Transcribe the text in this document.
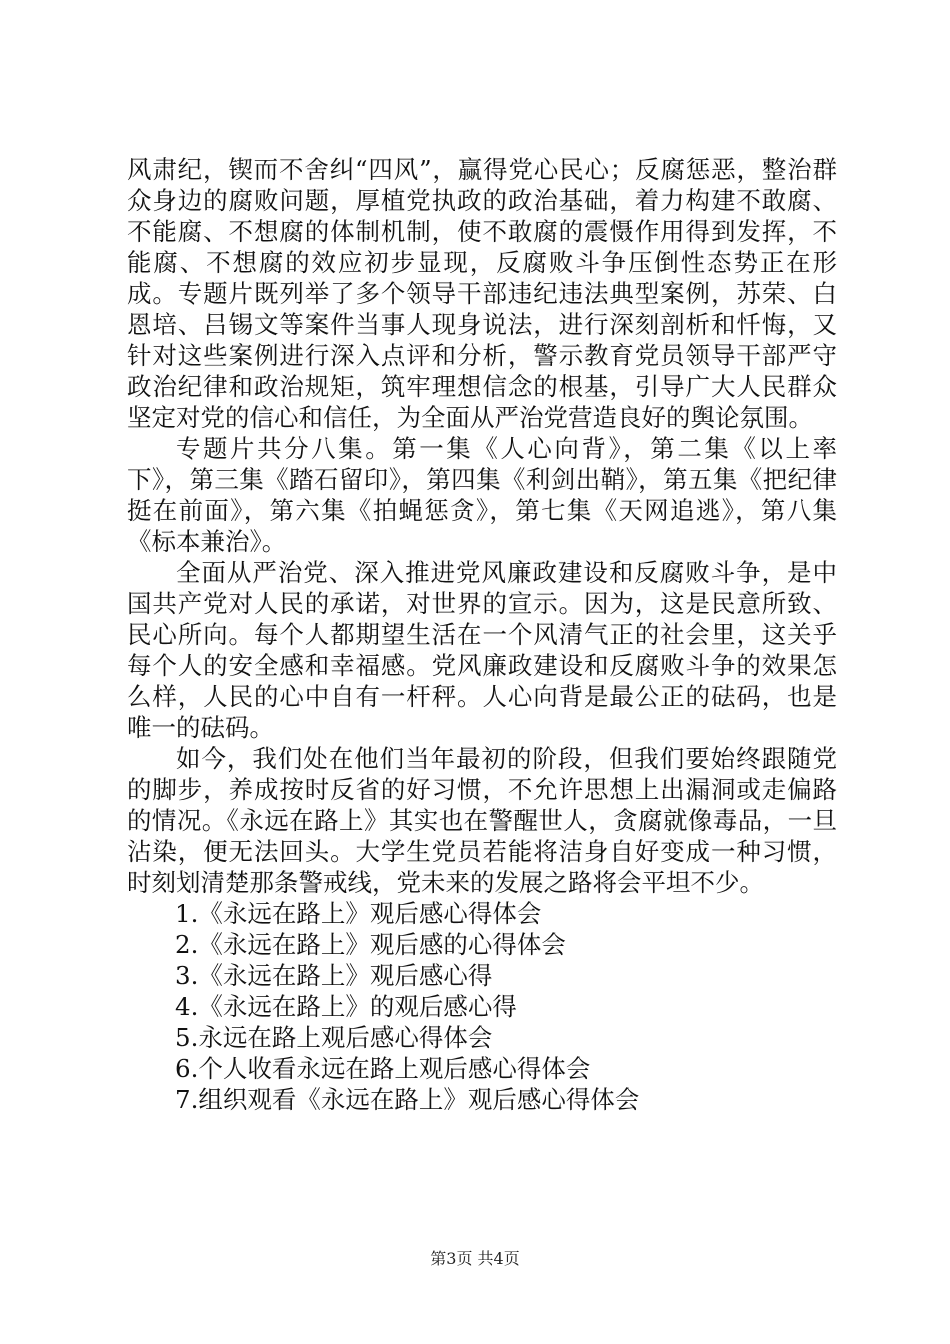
风肃纪，锲而不舍纠“四风”，赢得党心民心；反腐惩恶，整治群众身边的腐败问题，厚植党执政的政治基础，着力构建不敢腐、不能腐、不想腐的体制机制，使不敢腐的震慑作用得到发挥，不能腐、不想腐的效应初步显现，反腐败斗争压倒性态势正在形成。专题片既列举了多个领导干部违纪违法典型案例，苏荣、白恩培、吕锡文等案件当事人现身说法，进行深刻剖析和忏悔，又针对这些案例进行深入点评和分析，警示教育党员领导干部严守政治纪律和政治规矩，筑牢理想信念的根基，引导广大人民群众坚定对党的信心和信任，为全面从严治党营造良好的舆论氛围。

专题片共分八集。第一集《人心向背》，第二集《以上率下》，第三集《踏石留印》，第四集《利剑出鞘》，第五集《把纪律挺在前面》，第六集《拍蝇惩贪》，第七集《天网追逃》，第八集《标本兼治》。

全面从严治党、深入推进党风廉政建设和反腐败斗争，是中国共产党对人民的承诺，对世界的宣示。因为，这是民意所致、民心所向。每个人都期望生活在一个风清气正的社会里，这关乎每个人的安全感和幸福感。党风廉政建设和反腐败斗争的效果怎么样，人民的心中自有一杆秤。人心向背是最公正的砝码，也是唯一的砝码。

如今，我们处在他们当年最初的阶段，但我们要始终跟随党的脚步，养成按时反省的好习惯，不允许思想上出漏洞或走偏路的情况。《永远在路上》其实也在警醒世人，贪腐就像毒品，一旦沾染，便无法回头。大学生党员若能将洁身自好变成一种习惯，时刻划清楚那条警戒线，党未来的发展之路将会平坦不少。

1.《永远在路上》观后感心得体会
2.《永远在路上》观后感的心得体会
3.《永远在路上》观后感心得
4.《永远在路上》的观后感心得
5.永远在路上观后感心得体会
6.个人收看永远在路上观后感心得体会
7.组织观看《永远在路上》观后感心得体会
第3页 共4页
